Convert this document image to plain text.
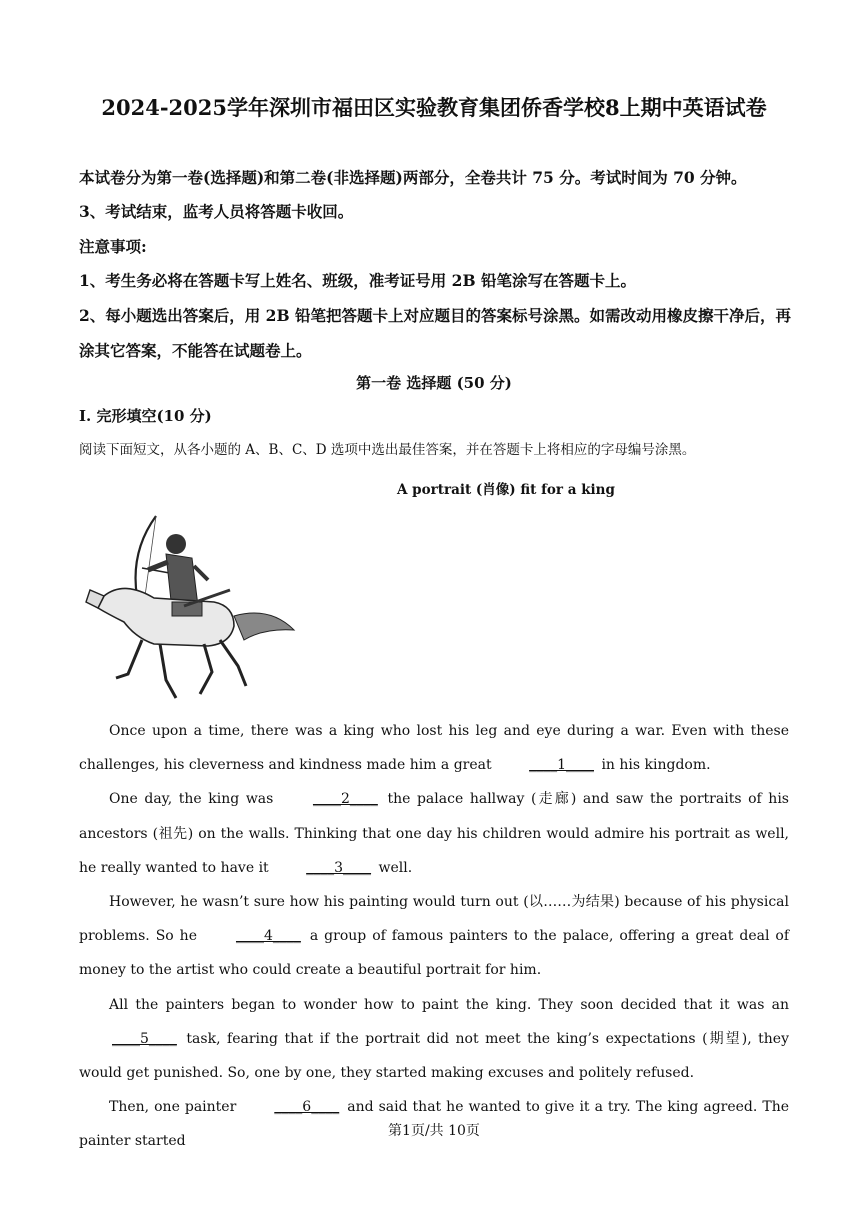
2024-2025学年深圳市福田区实验教育集团侨香学校8上期中英语试卷
本试卷分为第一卷(选择题)和第二卷(非选择题)两部分，全卷共计 75 分。考试时间为 70 分钟。
3、考试结束，监考人员将答题卡收回。
注意事项:
1、考生务必将在答题卡写上姓名、班级，准考证号用 2B 铅笔涂写在答题卡上。
2、每小题选出答案后，用 2B 铅笔把答题卡上对应题目的答案标号涂黑。如需改动用橡皮擦干净后，再涂其它答案，不能答在试题卷上。
第一卷 选择题 (50 分)
I. 完形填空(10 分)
阅读下面短文，从各小题的 A、B、C、D 选项中选出最佳答案，并在答题卡上将相应的字母编号涂黑。
A portrait (肖像) fit for a king

Once upon a time, there was a king who lost his leg and eye during a war. Even with these challenges, his cleverness and kindness made him a great ____1____ in his kingdom.

One day, the king was ____2____ the palace hallway (走廊) and saw the portraits of his ancestors (祖先) on the walls. Thinking that one day his children would admire his portrait as well, he really wanted to have it ____3____ well.

However, he wasn’t sure how his painting would turn out (以……为结果) because of his physical problems. So he ____4____ a group of famous painters to the palace, offering a great deal of money to the artist who could create a beautiful portrait for him.

All the painters began to wonder how to paint the king. They soon decided that it was an ____5____ task, fearing that if the portrait did not meet the king’s expectations (期望), they would get punished. So, one by one, they started making excuses and politely refused.

Then, one painter ____6____ and said that he wanted to give it a try. The king agreed. The painter started

第1页/共 10页
